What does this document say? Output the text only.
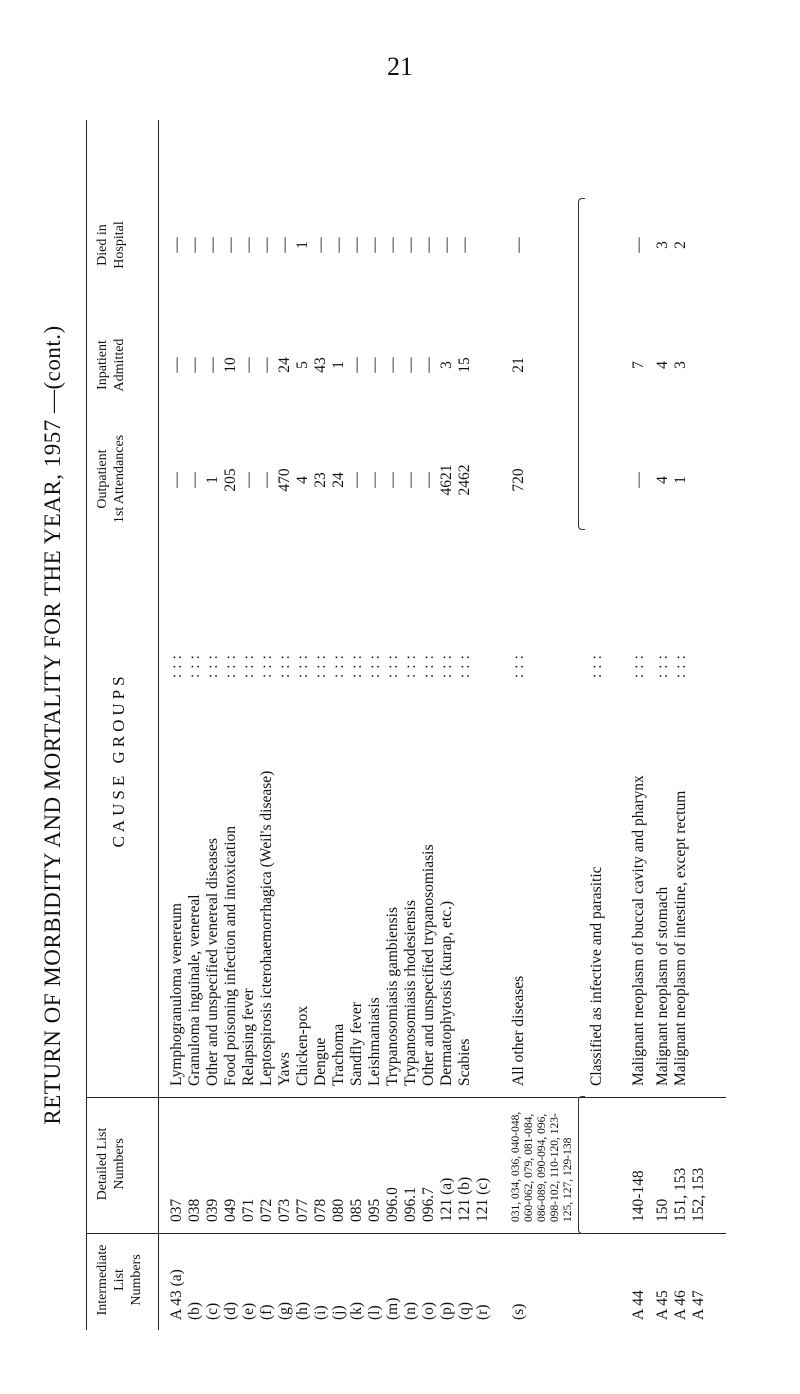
21
RETURN OF MORBIDITY AND MORTALITY FOR THE YEAR, 1957 —(cont.)
Intermediate List Numbers
Detailed List Numbers
CAUSE GROUPS
Outpatient 1st Attendances
Inpatient Admitted
Died in Hospital
A 43 (a)
037
Lymphogranuloma venereum
:::
—
—
—
(b)
038
Granuloma inguinale, venereal
:::
—
—
—
(c)
039
Other and unspecified venereal diseases
:::
1
—
—
(d)
049
Food poisoning infection and intoxication
:::
205
10
—
(e)
071
Relapsing fever
:::
—
—
—
(f)
072
Leptospirosis icterohaemorrhagica (Weil's disease)
:::
—
—
—
(g)
073
Yaws
:::
470
24
—
(h)
077
Chicken-pox
:::
4
5
1
(i)
078
Dengue
:::
23
43
—
(j)
080
Trachoma
:::
24
1
—
(k)
085
Sandfly fever
:::
—
—
—
(l)
095
Leishmaniasis
:::
—
—
—
(m)
096.0
Trypanosomiasis gambiensis
:::
—
—
—
(n)
096.1
Trypanosomiasis rhodesiensis
:::
—
—
—
(o)
096.7
Other and unspecified trypanosomiasis
:::
—
—
—
(p)
121 (a)
Dermatophytosis (kurap, etc.)
:::
4621
3
—
(q)
121 (b)
Scabies
:::
2462
15
—
(r)
121 (c)
(s)
031, 034, 036, 040-048, 060-062, 079, 081-084, 086-089, 090-094, 096, 098-102, 110-120, 123-125, 127, 129-138
All other diseases
:::
720
21
—
Classified as infective and parasitic
:::
A 44
140-148
Malignant neoplasm of buccal cavity and pharynx
:::
—
7
—
A 45
150
Malignant neoplasm of stomach
:::
4
4
3
A 46
151, 153
Malignant neoplasm of intestine, except rectum
:::
1
3
2
A 47
152, 153
